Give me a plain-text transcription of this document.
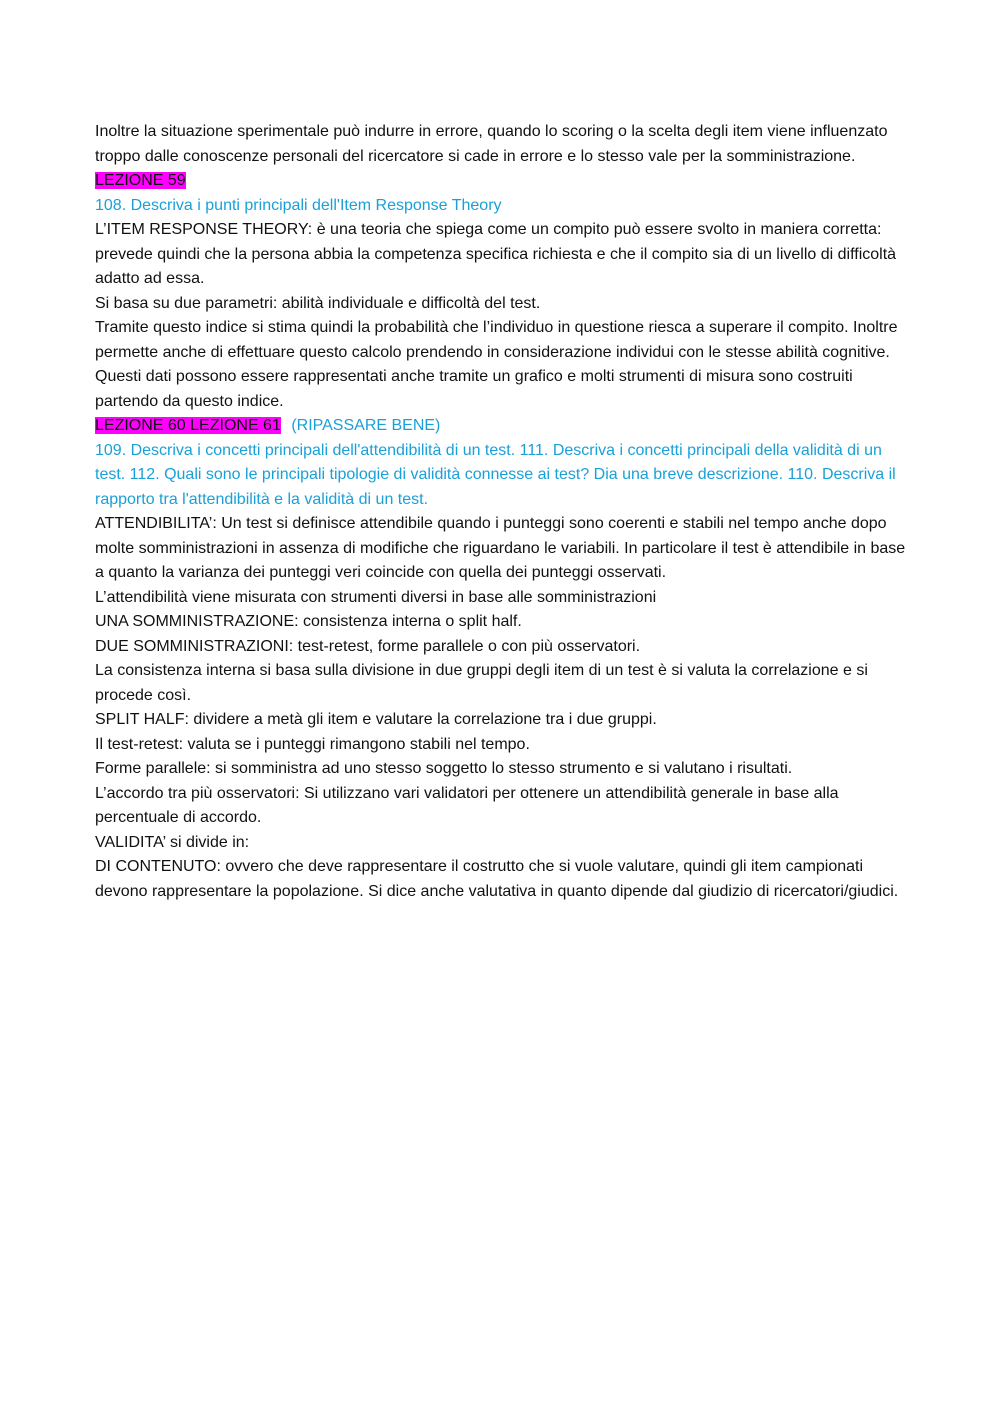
Inoltre la situazione sperimentale può indurre in errore, quando lo scoring o la scelta degli item viene influenzato troppo dalle conoscenze personali del ricercatore si cade in errore e lo stesso vale per la somministrazione.

LEZIONE 59

108. Descriva i punti principali dell'Item Response Theory

L’ITEM RESPONSE THEORY: è una teoria che spiega come un compito può essere svolto in maniera corretta: prevede quindi che la persona abbia la competenza specifica richiesta e che il compito sia di un livello di difficoltà adatto ad essa.

Si basa su due parametri: abilità individuale e difficoltà del test.

Tramite questo indice si stima quindi la probabilità che l’individuo in questione riesca a superare il compito. Inoltre permette anche di effettuare questo calcolo prendendo in considerazione individui con le stesse abilità cognitive. Questi dati possono essere rappresentati anche tramite un grafico e molti strumenti di misura sono costruiti partendo da questo indice.

LEZIONE 60 LEZIONE 61 (RIPASSARE BENE)

109. Descriva i concetti principali dell'attendibilità di un test. 111. Descriva i concetti principali della validità di un test. 112. Quali sono le principali tipologie di validità connesse ai test? Dia una breve descrizione. 110. Descriva il rapporto tra l'attendibilità e la validità di un test.

ATTENDIBILITA’: Un test si definisce attendibile quando i punteggi sono coerenti e stabili nel tempo anche dopo molte somministrazioni in assenza di modifiche che riguardano le variabili. In particolare il test è attendibile in base a quanto la varianza dei punteggi veri coincide con quella dei punteggi osservati.

L’attendibilità viene misurata con strumenti diversi in base alle somministrazioni

UNA SOMMINISTRAZIONE: consistenza interna o split half.

DUE SOMMINISTRAZIONI: test-retest, forme parallele o con più osservatori.

La consistenza interna si basa sulla divisione in due gruppi degli item di un test è si valuta la correlazione e si procede così.

SPLIT HALF: dividere a metà gli item e valutare la correlazione tra i due gruppi.

Il test-retest: valuta se i punteggi rimangono stabili nel tempo.

Forme parallele: si somministra ad uno stesso soggetto lo stesso strumento e si valutano i risultati.

L’accordo tra più osservatori: Si utilizzano vari validatori per ottenere un attendibilità generale in base alla percentuale di accordo.

VALIDITA’ si divide in:

DI CONTENUTO: ovvero che deve rappresentare il costrutto che si vuole valutare, quindi gli item campionati devono rappresentare la popolazione. Si dice anche valutativa in quanto dipende dal giudizio di ricercatori/giudici.
